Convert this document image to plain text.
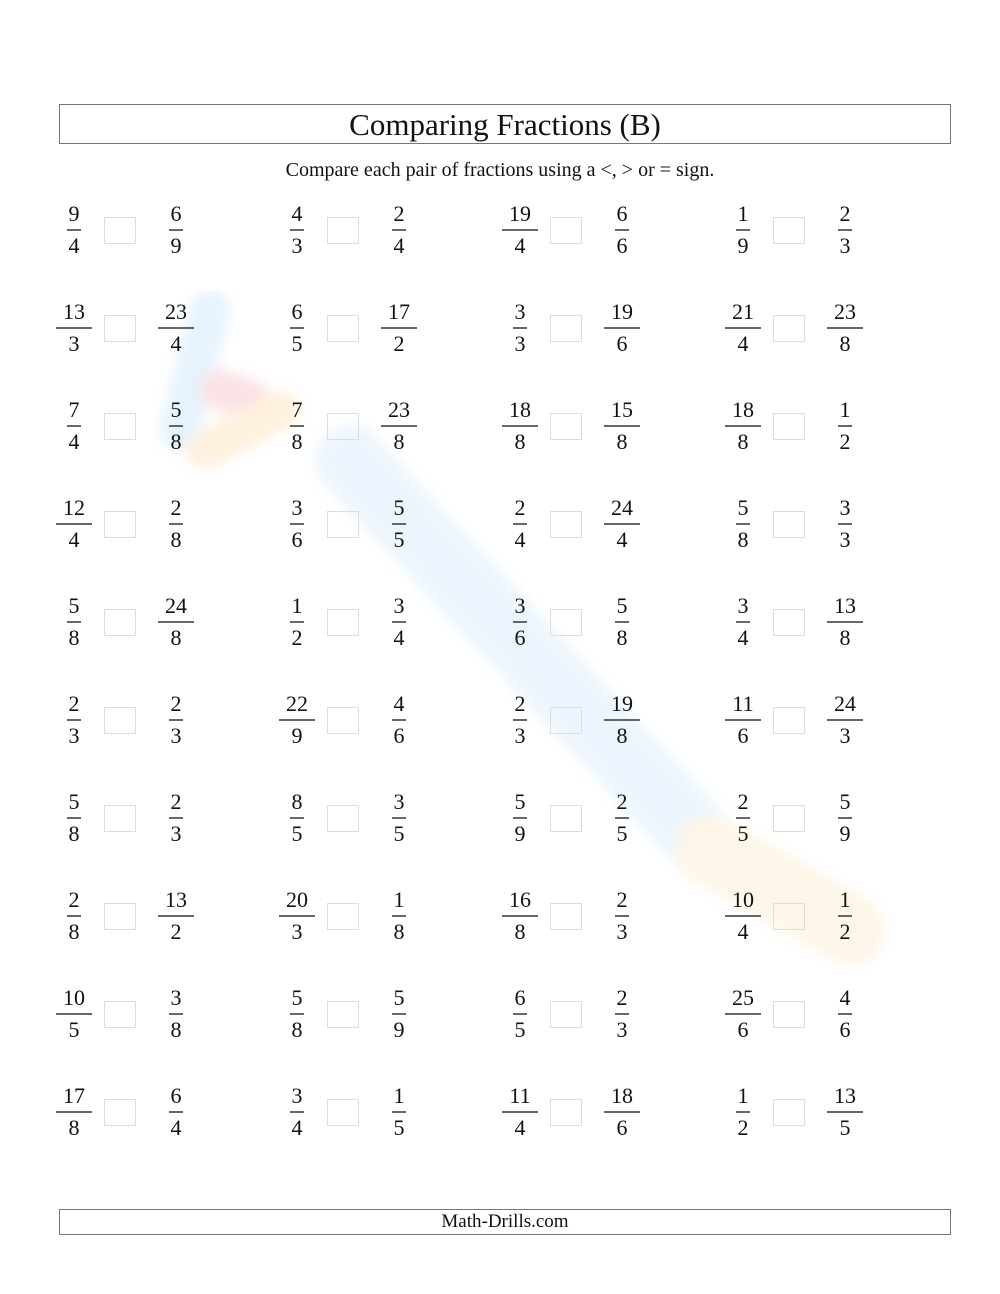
Comparing Fractions (B)
Compare each pair of fractions using a <, > or = sign.
$\frac{9}{4}$	$\frac{6}{9}$	$\frac{4}{3}$	$\frac{2}{4}$	$\frac{19}{4}$	$\frac{6}{6}$	$\frac{1}{9}$	$\frac{2}{3}$
$\frac{13}{3}$	$\frac{23}{4}$	$\frac{6}{5}$	$\frac{17}{2}$	$\frac{3}{3}$	$\frac{19}{6}$	$\frac{21}{4}$	$\frac{23}{8}$
$\frac{7}{4}$	$\frac{5}{8}$	$\frac{7}{8}$	$\frac{23}{8}$	$\frac{18}{8}$	$\frac{15}{8}$	$\frac{18}{8}$	$\frac{1}{2}$
$\frac{12}{4}$	$\frac{2}{8}$	$\frac{3}{6}$	$\frac{5}{5}$	$\frac{2}{4}$	$\frac{24}{4}$	$\frac{5}{8}$	$\frac{3}{3}$
$\frac{5}{8}$	$\frac{24}{8}$	$\frac{1}{2}$	$\frac{3}{4}$	$\frac{3}{6}$	$\frac{5}{8}$	$\frac{3}{4}$	$\frac{13}{8}$
$\frac{2}{3}$	$\frac{2}{3}$	$\frac{22}{9}$	$\frac{4}{6}$	$\frac{2}{3}$	$\frac{19}{8}$	$\frac{11}{6}$	$\frac{24}{3}$
$\frac{5}{8}$	$\frac{2}{3}$	$\frac{8}{5}$	$\frac{3}{5}$	$\frac{5}{9}$	$\frac{2}{5}$	$\frac{2}{5}$	$\frac{5}{9}$
$\frac{2}{8}$	$\frac{13}{2}$	$\frac{20}{3}$	$\frac{1}{8}$	$\frac{16}{8}$	$\frac{2}{3}$	$\frac{10}{4}$	$\frac{1}{2}$
$\frac{10}{5}$	$\frac{3}{8}$	$\frac{5}{8}$	$\frac{5}{9}$	$\frac{6}{5}$	$\frac{2}{3}$	$\frac{25}{6}$	$\frac{4}{6}$
$\frac{17}{8}$	$\frac{6}{4}$	$\frac{3}{4}$	$\frac{1}{5}$	$\frac{11}{4}$	$\frac{18}{6}$	$\frac{1}{2}$	$\frac{13}{5}$
Math-Drills.com
